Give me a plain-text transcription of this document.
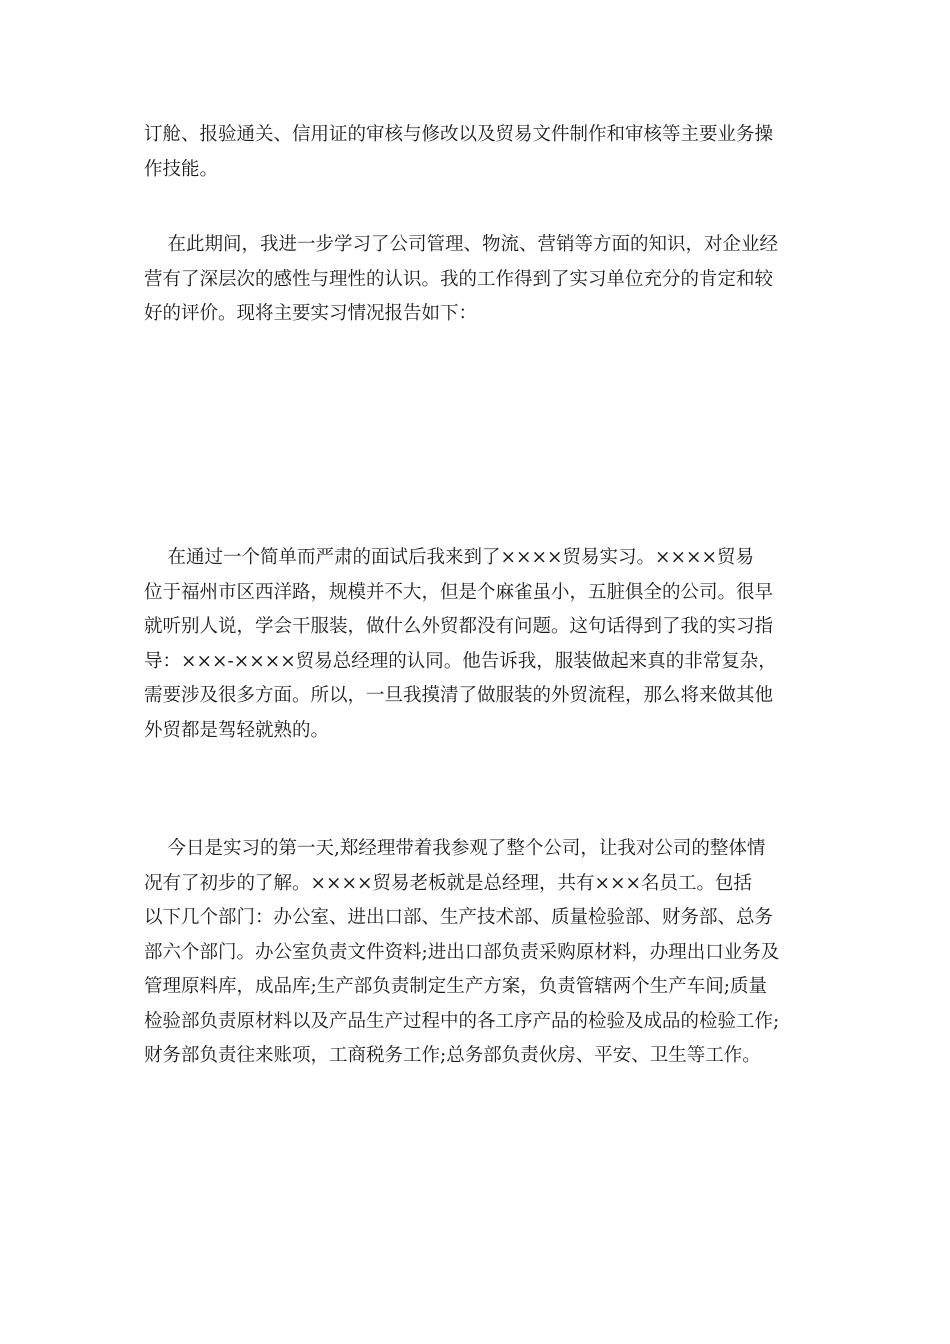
订舱、报验通关、信用证的审核与修改以及贸易文件制作和审核等主要业务操
作技能。

在此期间，我进一步学习了公司管理、物流、营销等方面的知识，对企业经
营有了深层次的感性与理性的认识。我的工作得到了实习单位充分的肯定和较
好的评价。现将主要实习情况报告如下：

在通过一个简单而严肃的面试后我来到了××××贸易实习。××××贸易
位于福州市区西洋路，规模并不大，但是个麻雀虽小，五脏俱全的公司。很早
就听别人说，学会干服装，做什么外贸都没有问题。这句话得到了我的实习指
导：×××-××××贸易总经理的认同。他告诉我，服装做起来真的非常复杂，
需要涉及很多方面。所以，一旦我摸清了做服装的外贸流程，那么将来做其他
外贸都是驾轻就熟的。

今日是实习的第一天,郑经理带着我参观了整个公司，让我对公司的整体情
况有了初步的了解。××××贸易老板就是总经理，共有×××名员工。包括
以下几个部门：办公室、进出口部、生产技术部、质量检验部、财务部、总务
部六个部门。办公室负责文件资料;进出口部负责采购原材料，办理出口业务及
管理原料库，成品库;生产部负责制定生产方案，负责管辖两个生产车间;质量
检验部负责原材料以及产品生产过程中的各工序产品的检验及成品的检验工作;
财务部负责往来账项，工商税务工作;总务部负责伙房、平安、卫生等工作。
